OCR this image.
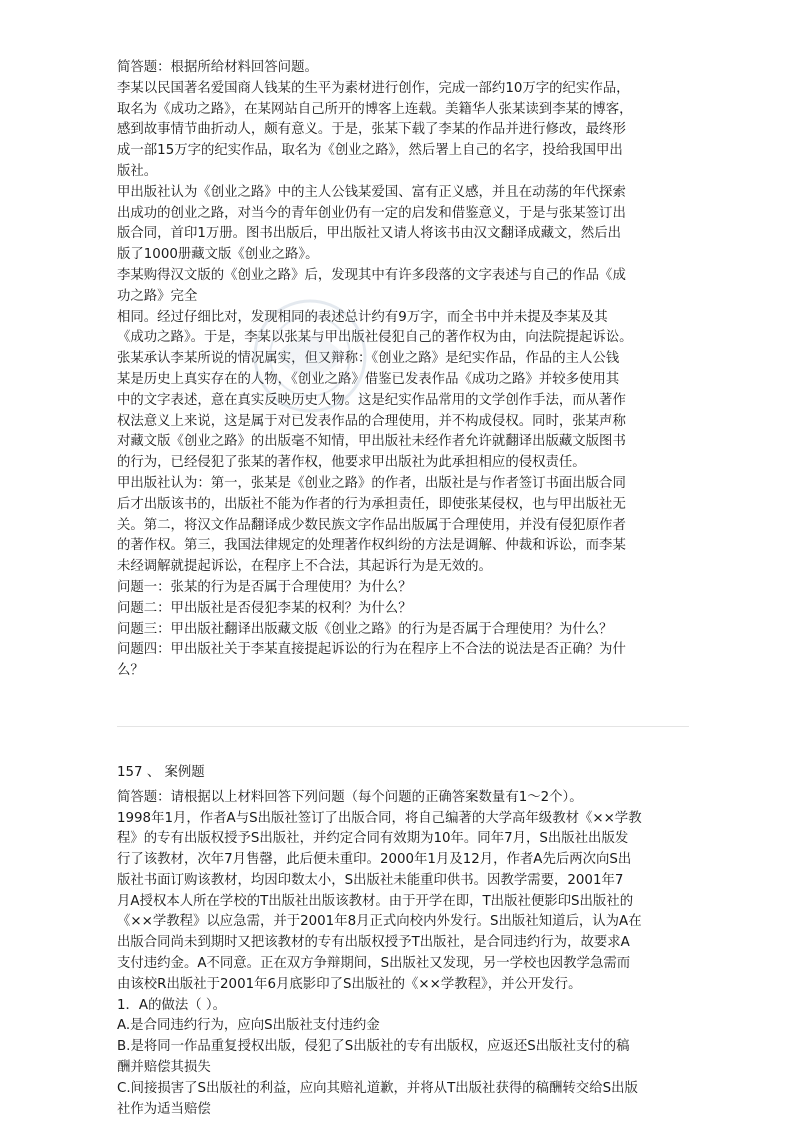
简答题：根据所给材料回答问题。
李某以民国著名爱国商人钱某的生平为素材进行创作，完成一部约10万字的纪实作品，
取名为《成功之路》，在某网站自己所开的博客上连载。美籍华人张某读到李某的博客，
感到故事情节曲折动人，颇有意义。于是，张某下载了李某的作品并进行修改，最终形
成一部15万字的纪实作品，取名为《创业之路》，然后署上自己的名字，投给我国甲出
版社。
甲出版社认为《创业之路》中的主人公钱某爱国、富有正义感，并且在动荡的年代探索
出成功的创业之路，对当今的青年创业仍有一定的启发和借鉴意义，于是与张某签订出
版合同，首印1万册。图书出版后，甲出版社又请人将该书由汉文翻译成藏文，然后出
版了1000册藏文版《创业之路》。
李某购得汉文版的《创业之路》后，发现其中有许多段落的文字表述与自己的作品《成
功之路》完全
相同。经过仔细比对，发现相同的表述总计约有9万字，而全书中并未提及李某及其
《成功之路》。于是，李某以张某与甲出版社侵犯自己的著作权为由，向法院提起诉讼。
张某承认李某所说的情况属实，但又辩称：《创业之路》是纪实作品，作品的主人公钱
某是历史上真实存在的人物，《创业之路》借鉴已发表作品《成功之路》并较多使用其
中的文字表述，意在真实反映历史人物。这是纪实作品常用的文学创作手法，而从著作
权法意义上来说，这是属于对已发表作品的合理使用，并不构成侵权。同时，张某声称
对藏文版《创业之路》的出版毫不知情，甲出版社未经作者允许就翻译出版藏文版图书
的行为，已经侵犯了张某的著作权，他要求甲出版社为此承担相应的侵权责任。
甲出版社认为：第一，张某是《创业之路》的作者，出版社是与作者签订书面出版合同
后才出版该书的，出版社不能为作者的行为承担责任，即使张某侵权，也与甲出版社无
关。第二，将汉文作品翻译成少数民族文字作品出版属于合理使用，并没有侵犯原作者
的著作权。第三，我国法律规定的处理著作权纠纷的方法是调解、仲裁和诉讼，而李某
未经调解就提起诉讼，在程序上不合法，其起诉行为是无效的。
问题一：张某的行为是否属于合理使用？为什么？
问题二：甲出版社是否侵犯李某的权利？为什么？
问题三：甲出版社翻译出版藏文版《创业之路》的行为是否属于合理使用？为什么？
问题四：甲出版社关于李某直接提起诉讼的行为在程序上不合法的说法是否正确？为什
么？
157 、 案例题
简答题：请根据以上材料回答下列问题（每个问题的正确答案数量有1～2个）。
1998年1月，作者A与S出版社签订了出版合同，将自己编著的大学高年级教材《××学教
程》的专有出版权授予S出版社，并约定合同有效期为10年。同年7月，S出版社出版发
行了该教材，次年7月售罄，此后便未重印。2000年1月及12月，作者A先后两次向S出
版社书面订购该教材，均因印数太小，S出版社未能重印供书。因教学需要，2001年7
月A授权本人所在学校的T出版社出版该教材。由于开学在即，T出版社便影印S出版社的
《××学教程》以应急需，并于2001年8月正式向校内外发行。S出版社知道后，认为A在
出版合同尚未到期时又把该教材的专有出版权授予T出版社，是合同违约行为，故要求A
支付违约金。A不同意。正在双方争辩期间，S出版社又发现，另一学校也因教学急需而
由该校R出版社于2001年6月底影印了S出版社的《××学教程》，并公开发行。
1．A的做法（ ）。
A.是合同违约行为，应向S出版社支付违约金
B.是将同一作品重复授权出版，侵犯了S出版社的专有出版权，应返还S出版社支付的稿
酬并赔偿其损失
C.间接损害了S出版社的利益，应向其赔礼道歉，并将从T出版社获得的稿酬转交给S出版
社作为适当赔偿
